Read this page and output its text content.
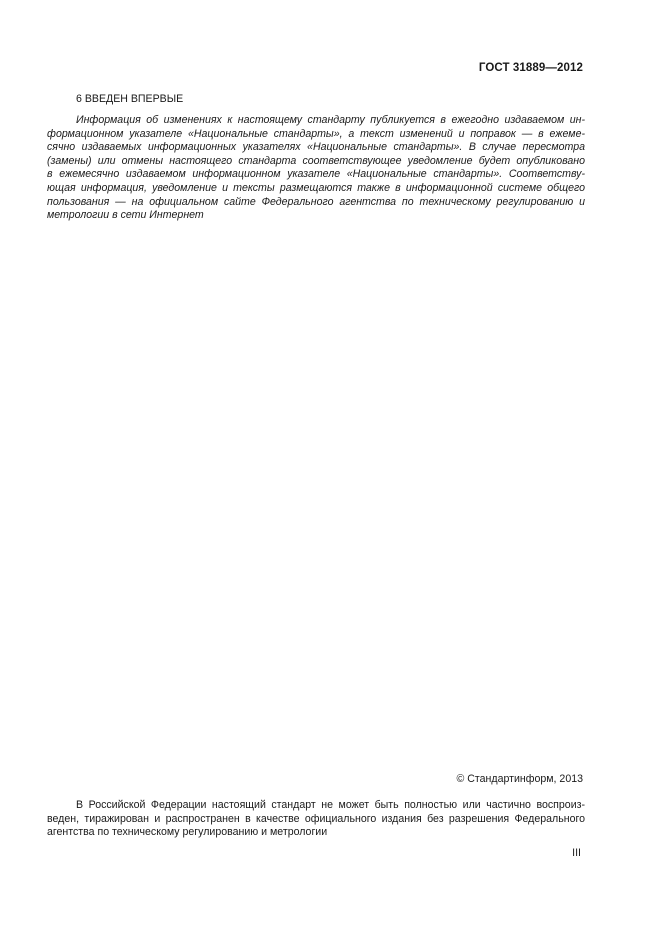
ГОСТ 31889—2012
6 ВВЕДЕН ВПЕРВЫЕ
Информация об изменениях к настоящему стандарту публикуется в ежегодно издаваемом ин-
формационном указателе «Национальные стандарты», а текст изменений и поправок — в ежеме-
сячно издаваемых информационных указателях «Национальные стандарты». В случае пересмотра
(замены) или отмены настоящего стандарта соответствующее уведомление будет опубликовано
в ежемесячно издаваемом информационном указателе «Национальные стандарты». Соответству-
ющая информация, уведомление и тексты размещаются также в информационной системе общего
пользования — на официальном сайте Федерального агентства по техническому регулированию и
метрологии в сети Интернет
© Стандартинформ, 2013
В Российской Федерации настоящий стандарт не может быть полностью или частично воспроиз-
веден, тиражирован и распространен в качестве официального издания без разрешения Федерального
агентства по техническому регулированию и метрологии
III
